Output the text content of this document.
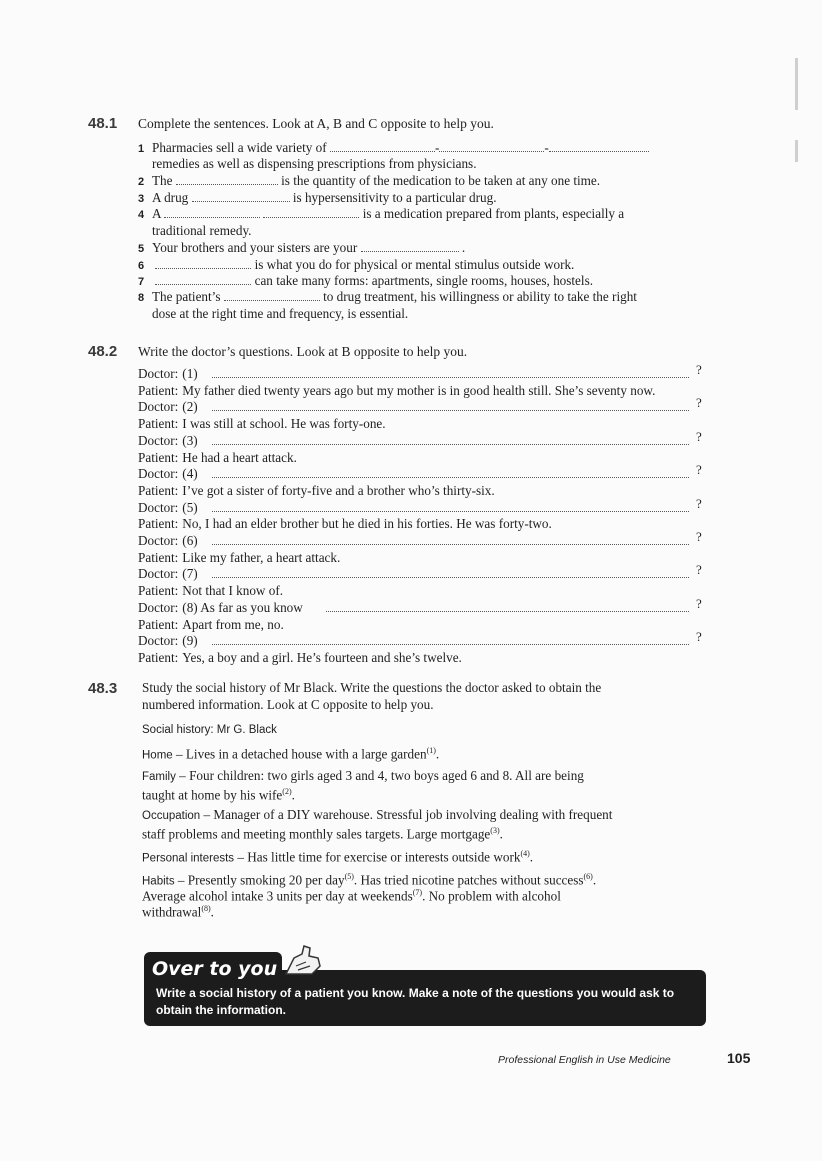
48.1 Complete the sentences. Look at A, B and C opposite to help you.
1 Pharmacies sell a wide variety of	-	-
remedies as well as dispensing prescriptions from physicians.
2 The	is the quantity of the medication to be taken at any one time.
3 A drug	is hypersensitivity to a particular drug.
4 A	is a medication prepared from plants, especially a
traditional remedy.
5 Your brothers and your sisters are your	.
6	is what you do for physical or mental stimulus outside work.
7	can take many forms: apartments, single rooms, houses, hostels.
8 The patient’s	to drug treatment, his willingness or ability to take the right
dose at the right time and frequency, is essential.
48.2 Write the doctor’s questions. Look at B opposite to help you.
Doctor: (1)	?
Patient: My father died twenty years ago but my mother is in good health still. She’s seventy now.
Doctor: (2)	?
Patient: I was still at school. He was forty-one.
Doctor: (3)	?
Patient: He had a heart attack.
Doctor: (4)	?
Patient: I’ve got a sister of forty-five and a brother who’s thirty-six.
Doctor: (5)	?
Patient: No, I had an elder brother but he died in his forties. He was forty-two.
Doctor: (6)	?
Patient: Like my father, a heart attack.
Doctor: (7)	?
Patient: Not that I know of.
Doctor: (8) As far as you know	?
Patient: Apart from me, no.
Doctor: (9)	?
Patient: Yes, a boy and a girl. He’s fourteen and she’s twelve.
48.3 Study the social history of Mr Black. Write the questions the doctor asked to obtain the
numbered information. Look at C opposite to help you.
Social history: Mr G. Black
Home – Lives in a detached house with a large garden$^{(1)}$.
Family – Four children: two girls aged 3 and 4, two boys aged 6 and 8. All are being
taught at home by his wife$^{(2)}$.
Occupation – Manager of a DIY warehouse. Stressful job involving dealing with frequent
staff problems and meeting monthly sales targets. Large mortgage$^{(3)}$.
Personal interests – Has little time for exercise or interests outside work$^{(4)}$.
Habits – Presently smoking 20 per day$^{(5)}$. Has tried nicotine patches without success$^{(6)}$.
Average alcohol intake 3 units per day at weekends$^{(7)}$. No problem with alcohol
withdrawal$^{(8)}$.
Over to you
Write a social history of a patient you know. Make a note of the questions you would ask to obtain the information.
Professional English in Use Medicine	105
